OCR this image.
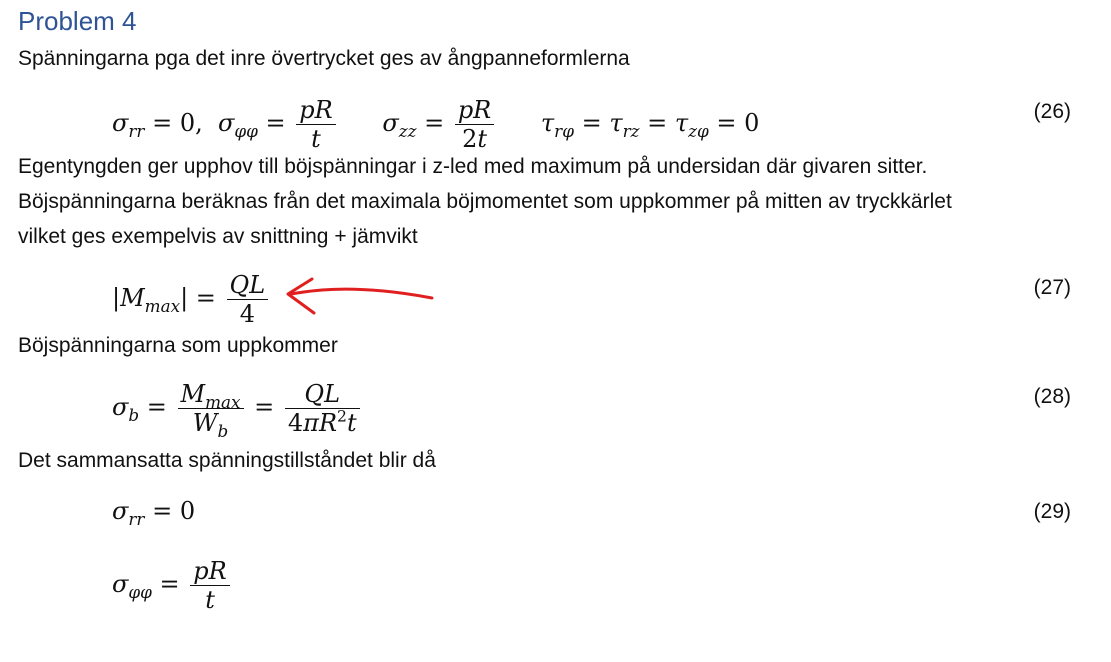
Problem 4
Spänningarna pga det inre övertrycket ges av ångpanneformlerna
$\sigma_{rr} = 0$,  $\sigma_{\varphi\varphi} = \frac{pR}{t} \sigma_{zz} = \frac{pR}{2t} \tau_{r\varphi} = \tau_{rz} = \tau_{z\varphi} = 0$	(26)
Egentyngden ger upphov till böjspänningar i z-led med maximum på undersidan där givaren sitter.
Böjspänningarna beräknas från det maximala böjmomentet som uppkommer på mitten av tryckkärlet
vilket ges exempelvis av snittning + jämvikt
$|M_{max}| = \frac{QL}{4}$	(27)
Böjspänningarna som uppkommer
$\sigma_b = \frac{M_{max}}{W_b} = \frac{QL}{4\pi R^2t}$	(28)
Det sammansatta spänningstillståndet blir då
$\sigma_{rr} = 0$	(29)
$\sigma_{\varphi\varphi} = \frac{pR}{t}$
